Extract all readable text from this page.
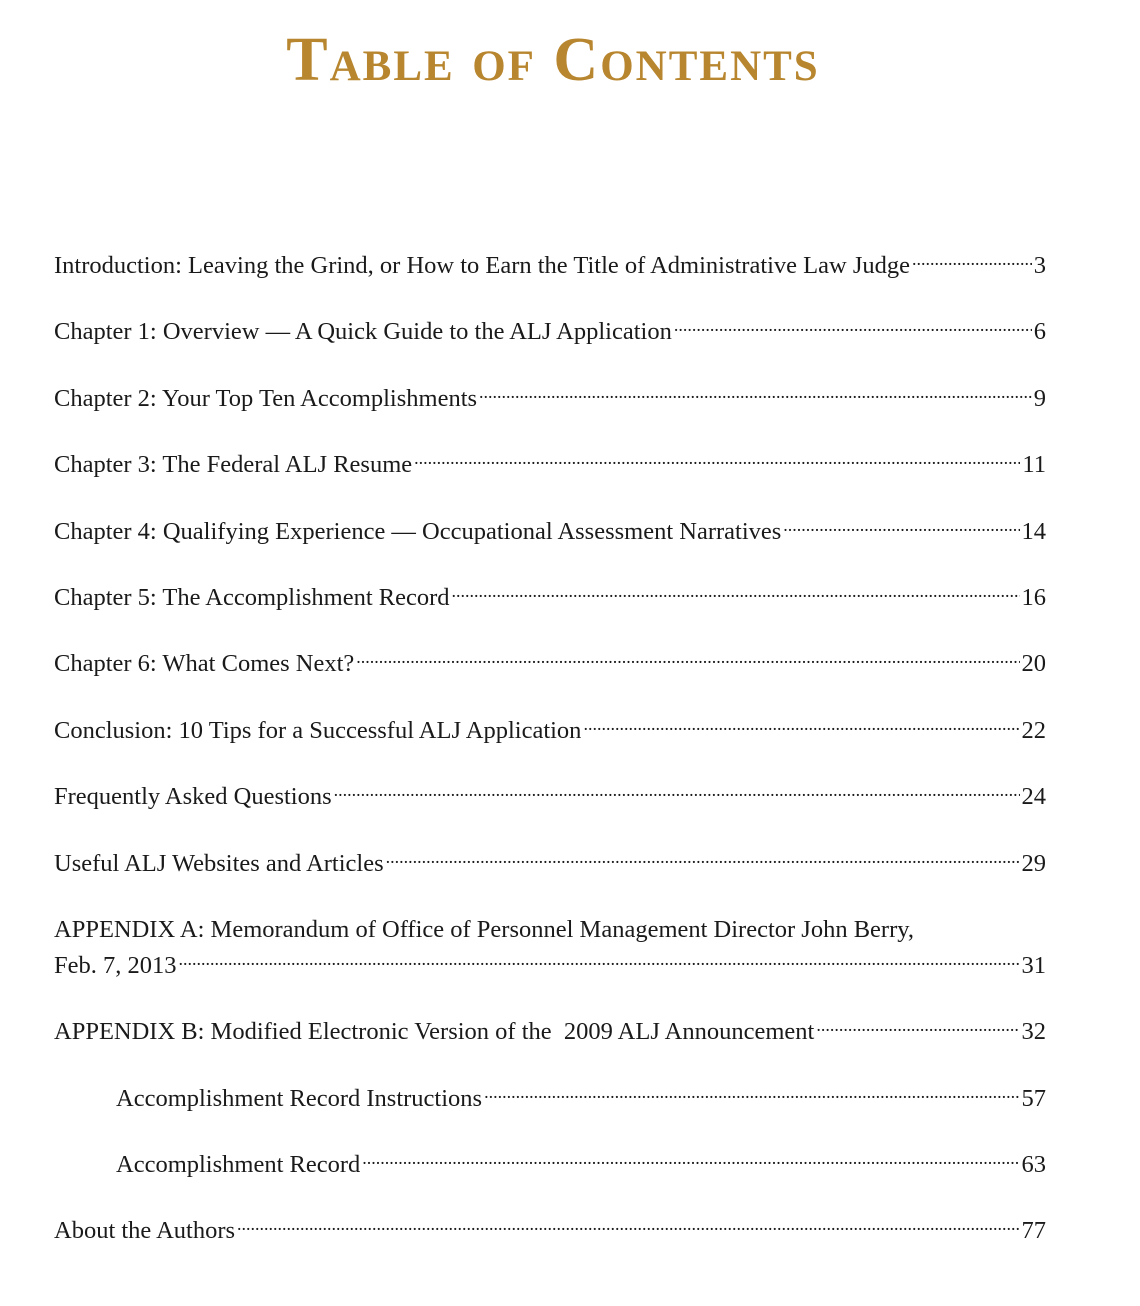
Table of Contents
Introduction: Leaving the Grind, or How to Earn the Title of Administrative Law Judge .....	3
Chapter 1: Overview — A Quick Guide to the ALJ Application .....	6
Chapter 2: Your Top Ten Accomplishments .....	9
Chapter 3: The Federal ALJ Resume .....	11
Chapter 4: Qualifying Experience — Occupational Assessment Narratives .....	14
Chapter 5: The Accomplishment Record .....	16
Chapter 6: What Comes Next? .....	20
Conclusion: 10 Tips for a Successful ALJ Application .....	22
Frequently Asked Questions .....	24
Useful ALJ Websites and Articles .....	29
APPENDIX A: Memorandum of Office of Personnel Management Director John Berry,
Feb. 7, 2013 .....	31
APPENDIX B: Modified Electronic Version of the  2009 ALJ Announcement .....	32
Accomplishment Record Instructions .....	57
Accomplishment Record .....	63
About the Authors .....	77
